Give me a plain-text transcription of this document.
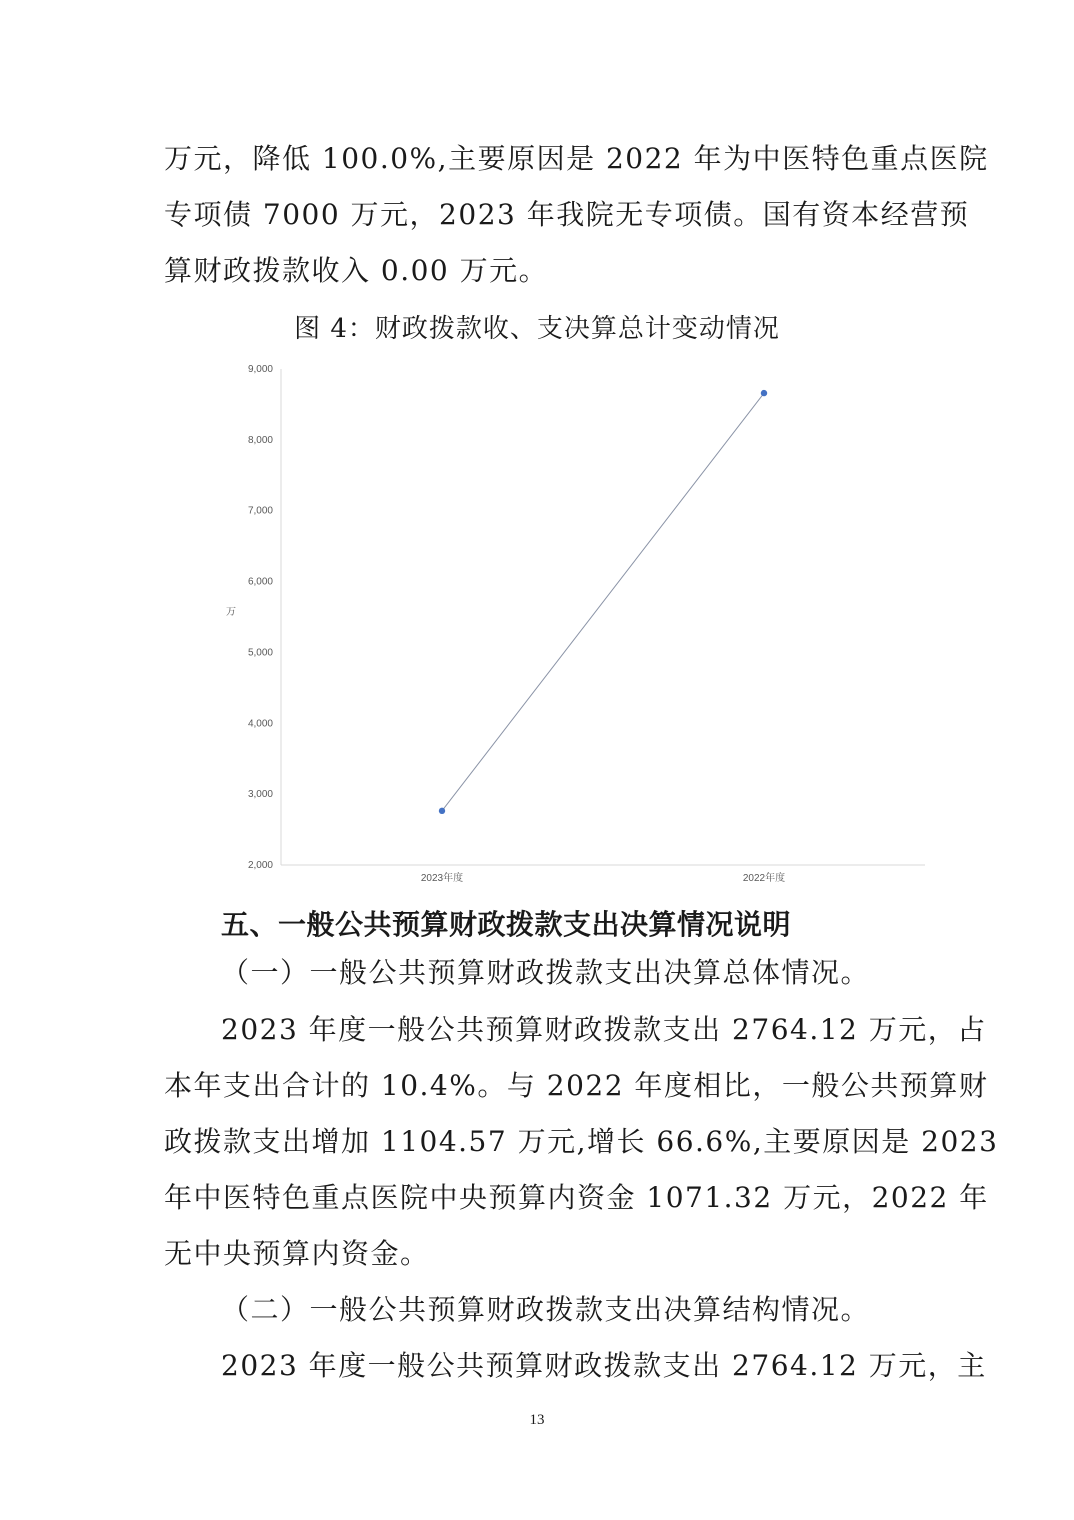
万元，降低 100.0%,主要原因是 2022 年为中医特色重点医院
专项债 7000 万元，2023 年我院无专项债。国有资本经营预
算财政拨款收入 0.00 万元。
图 4：财政拨款收、支决算总计变动情况
2,000
3,000
4,000
5,000
6,000
7,000
8,000
9,000
万
2023年度	2022年度
五、一般公共预算财政拨款支出决算情况说明
（一）一般公共预算财政拨款支出决算总体情况。
2023 年度一般公共预算财政拨款支出 2764.12 万元，占
本年支出合计的 10.4%。与 2022 年度相比，一般公共预算财
政拨款支出增加 1104.57 万元,增长 66.6%,主要原因是 2023
年中医特色重点医院中央预算内资金 1071.32 万元，2022 年
无中央预算内资金。
（二）一般公共预算财政拨款支出决算结构情况。
2023 年度一般公共预算财政拨款支出 2764.12 万元，主
13
